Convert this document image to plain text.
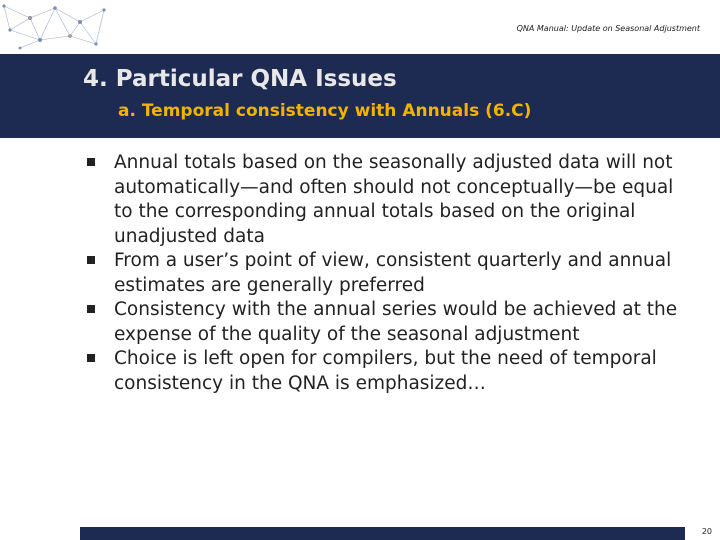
QNA Manual: Update on Seasonal Adjustment
4. Particular QNA Issues
a. Temporal consistency with Annuals (6.C)
Annual totals based on the seasonally adjusted data will not automatically—and often should not conceptually—be equal to the corresponding annual totals based on the original unadjusted data
From a user’s point of view, consistent quarterly and annual estimates are generally preferred
Consistency with the annual series would be achieved at the expense of the quality of the seasonal adjustment
Choice is left open for compilers, but the need of temporal consistency in the QNA is emphasized…
20
